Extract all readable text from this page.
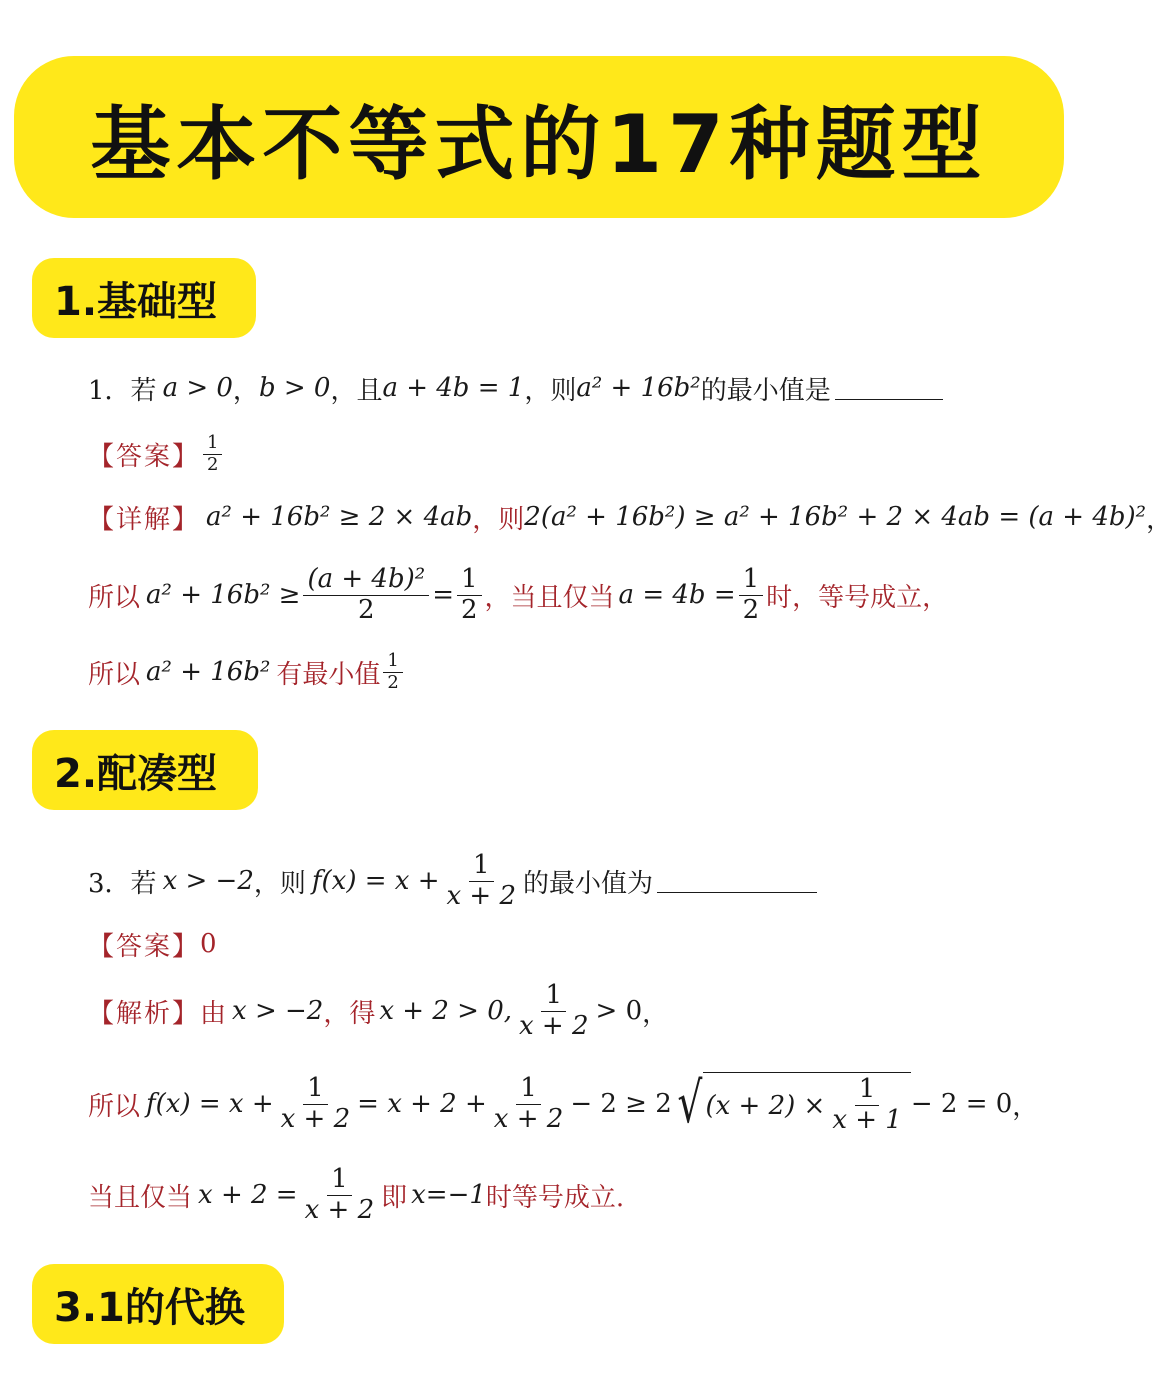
基本不等式的17种题型
1.基础型
1． 若 a > 0 ， b > 0 ，且 a + 4b = 1 ，则 a² + 16b² 的最小值是
【答案】 $\frac{1}{2}$
【详解】 a² + 16b² ≥ 2 × 4ab ，则 2(a² + 16b²) ≥ a² + 16b² + 2 × 4ab = (a + 4b)² ，
所以 $a^2 + 16b^2 \ge \frac{\text{(a + 4b)²}}{2} = \frac{1}{2}$ ，当且仅当 $a = 4b = \frac{1}{2}$ 时，等号成立，
所以 a² + 16b² 有最小值 $\frac{1}{2}$
2.配凑型
3． 若 x > −2 ，则 $f(x) = x + \frac{1}{x + 2}$ 的最小值为
【答案】 0
【解析】 由 x > −2 ，得 x + 2 > 0, $\frac{1}{x + 2} > 0$ ，
所以 $f(x) = x + \frac{1}{x + 2} = x + 2 + \frac{1}{x + 2} - 2 \ge 2$ √ $(x + 2) \times \frac{1}{x + 1} - 2 = 0$ ，
当且仅当 $x + 2 = \frac{1}{x + 2}$ 即 x=−1 时等号成立.
3.1的代换
